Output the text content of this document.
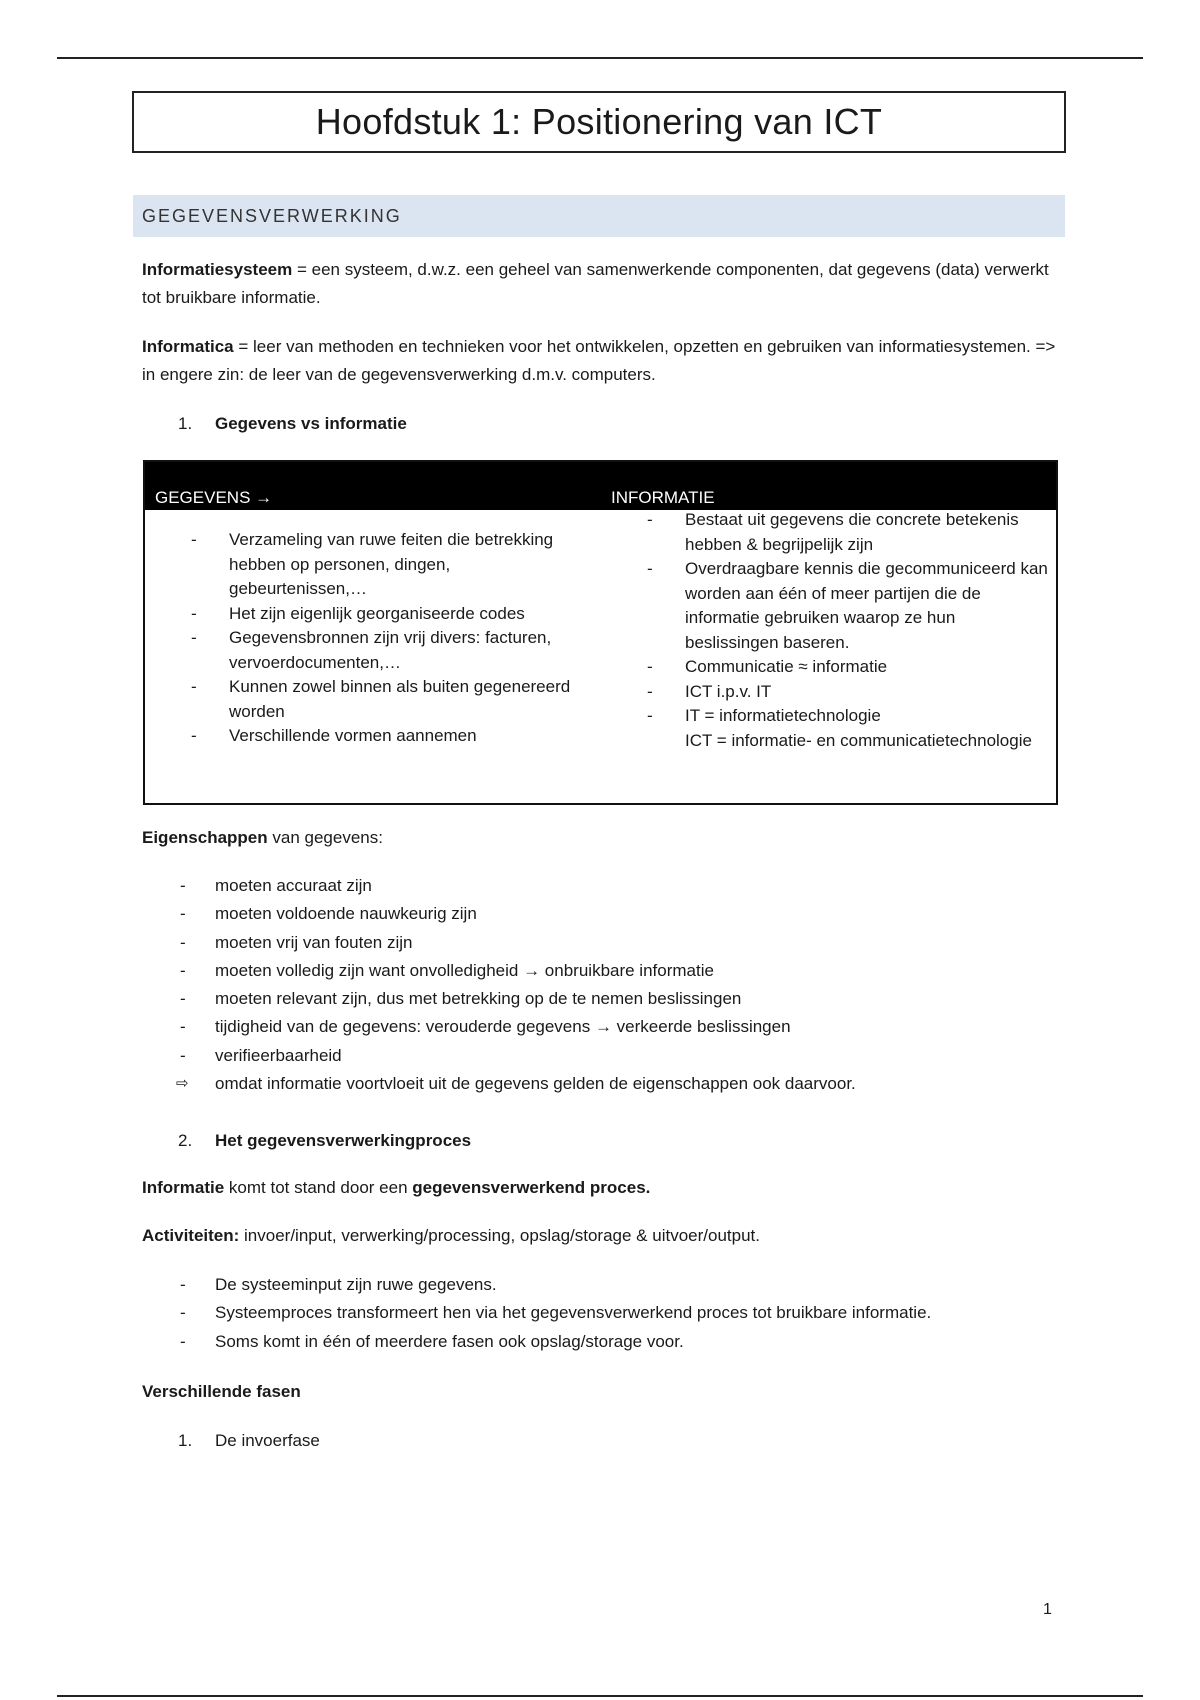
Hoofdstuk 1: Positionering van ICT
GEGEVENSVERWERKING

Informatiesysteem = een systeem, d.w.z. een geheel van samenwerkende componenten, dat gegevens (data) verwerkt tot bruikbare informatie.

Informatica = leer van methoden en technieken voor het ontwikkelen, opzetten en gebruiken van informatiesystemen. => in engere zin: de leer van de gegevensverwerking d.m.v. computers.

1. Gegevens vs informatie
GEGEVENS →	INFORMATIE
- Verzameling van ruwe feiten die betrekking hebben op personen, dingen, gebeurtenissen,…
- Het zijn eigenlijk georganiseerde codes
- Gegevensbronnen zijn vrij divers: facturen, vervoerdocumenten,…
- Kunnen zowel binnen als buiten gegenereerd worden
- Verschillende vormen aannemen
- Bestaat uit gegevens die concrete betekenis hebben & begrijpelijk zijn
- Overdraagbare kennis die gecommuniceerd kan worden aan één of meer partijen die de informatie gebruiken waarop ze hun beslissingen baseren.
- Communicatie ≈ informatie
- ICT i.p.v. IT
- IT = informatietechnologie
ICT = informatie- en communicatietechnologie

Eigenschappen van gegevens:

- moeten accuraat zijn
- moeten voldoende nauwkeurig zijn
- moeten vrij van fouten zijn
- moeten volledig zijn want onvolledigheid → onbruikbare informatie
- moeten relevant zijn, dus met betrekking op de te nemen beslissingen
- tijdigheid van de gegevens: verouderde gegevens → verkeerde beslissingen
- verifieerbaarheid
⇨ omdat informatie voortvloeit uit de gegevens gelden de eigenschappen ook daarvoor.
2. Het gegevensverwerkingproces

Informatie komt tot stand door een gegevensverwerkend proces.

Activiteiten: invoer/input, verwerking/processing, opslag/storage & uitvoer/output.

- De systeeminput zijn ruwe gegevens.
- Systeemproces transformeert hen via het gegevensverwerkend proces tot bruikbare informatie.
- Soms komt in één of meerdere fasen ook opslag/storage voor.

Verschillende fasen

1. De invoerfase
1
